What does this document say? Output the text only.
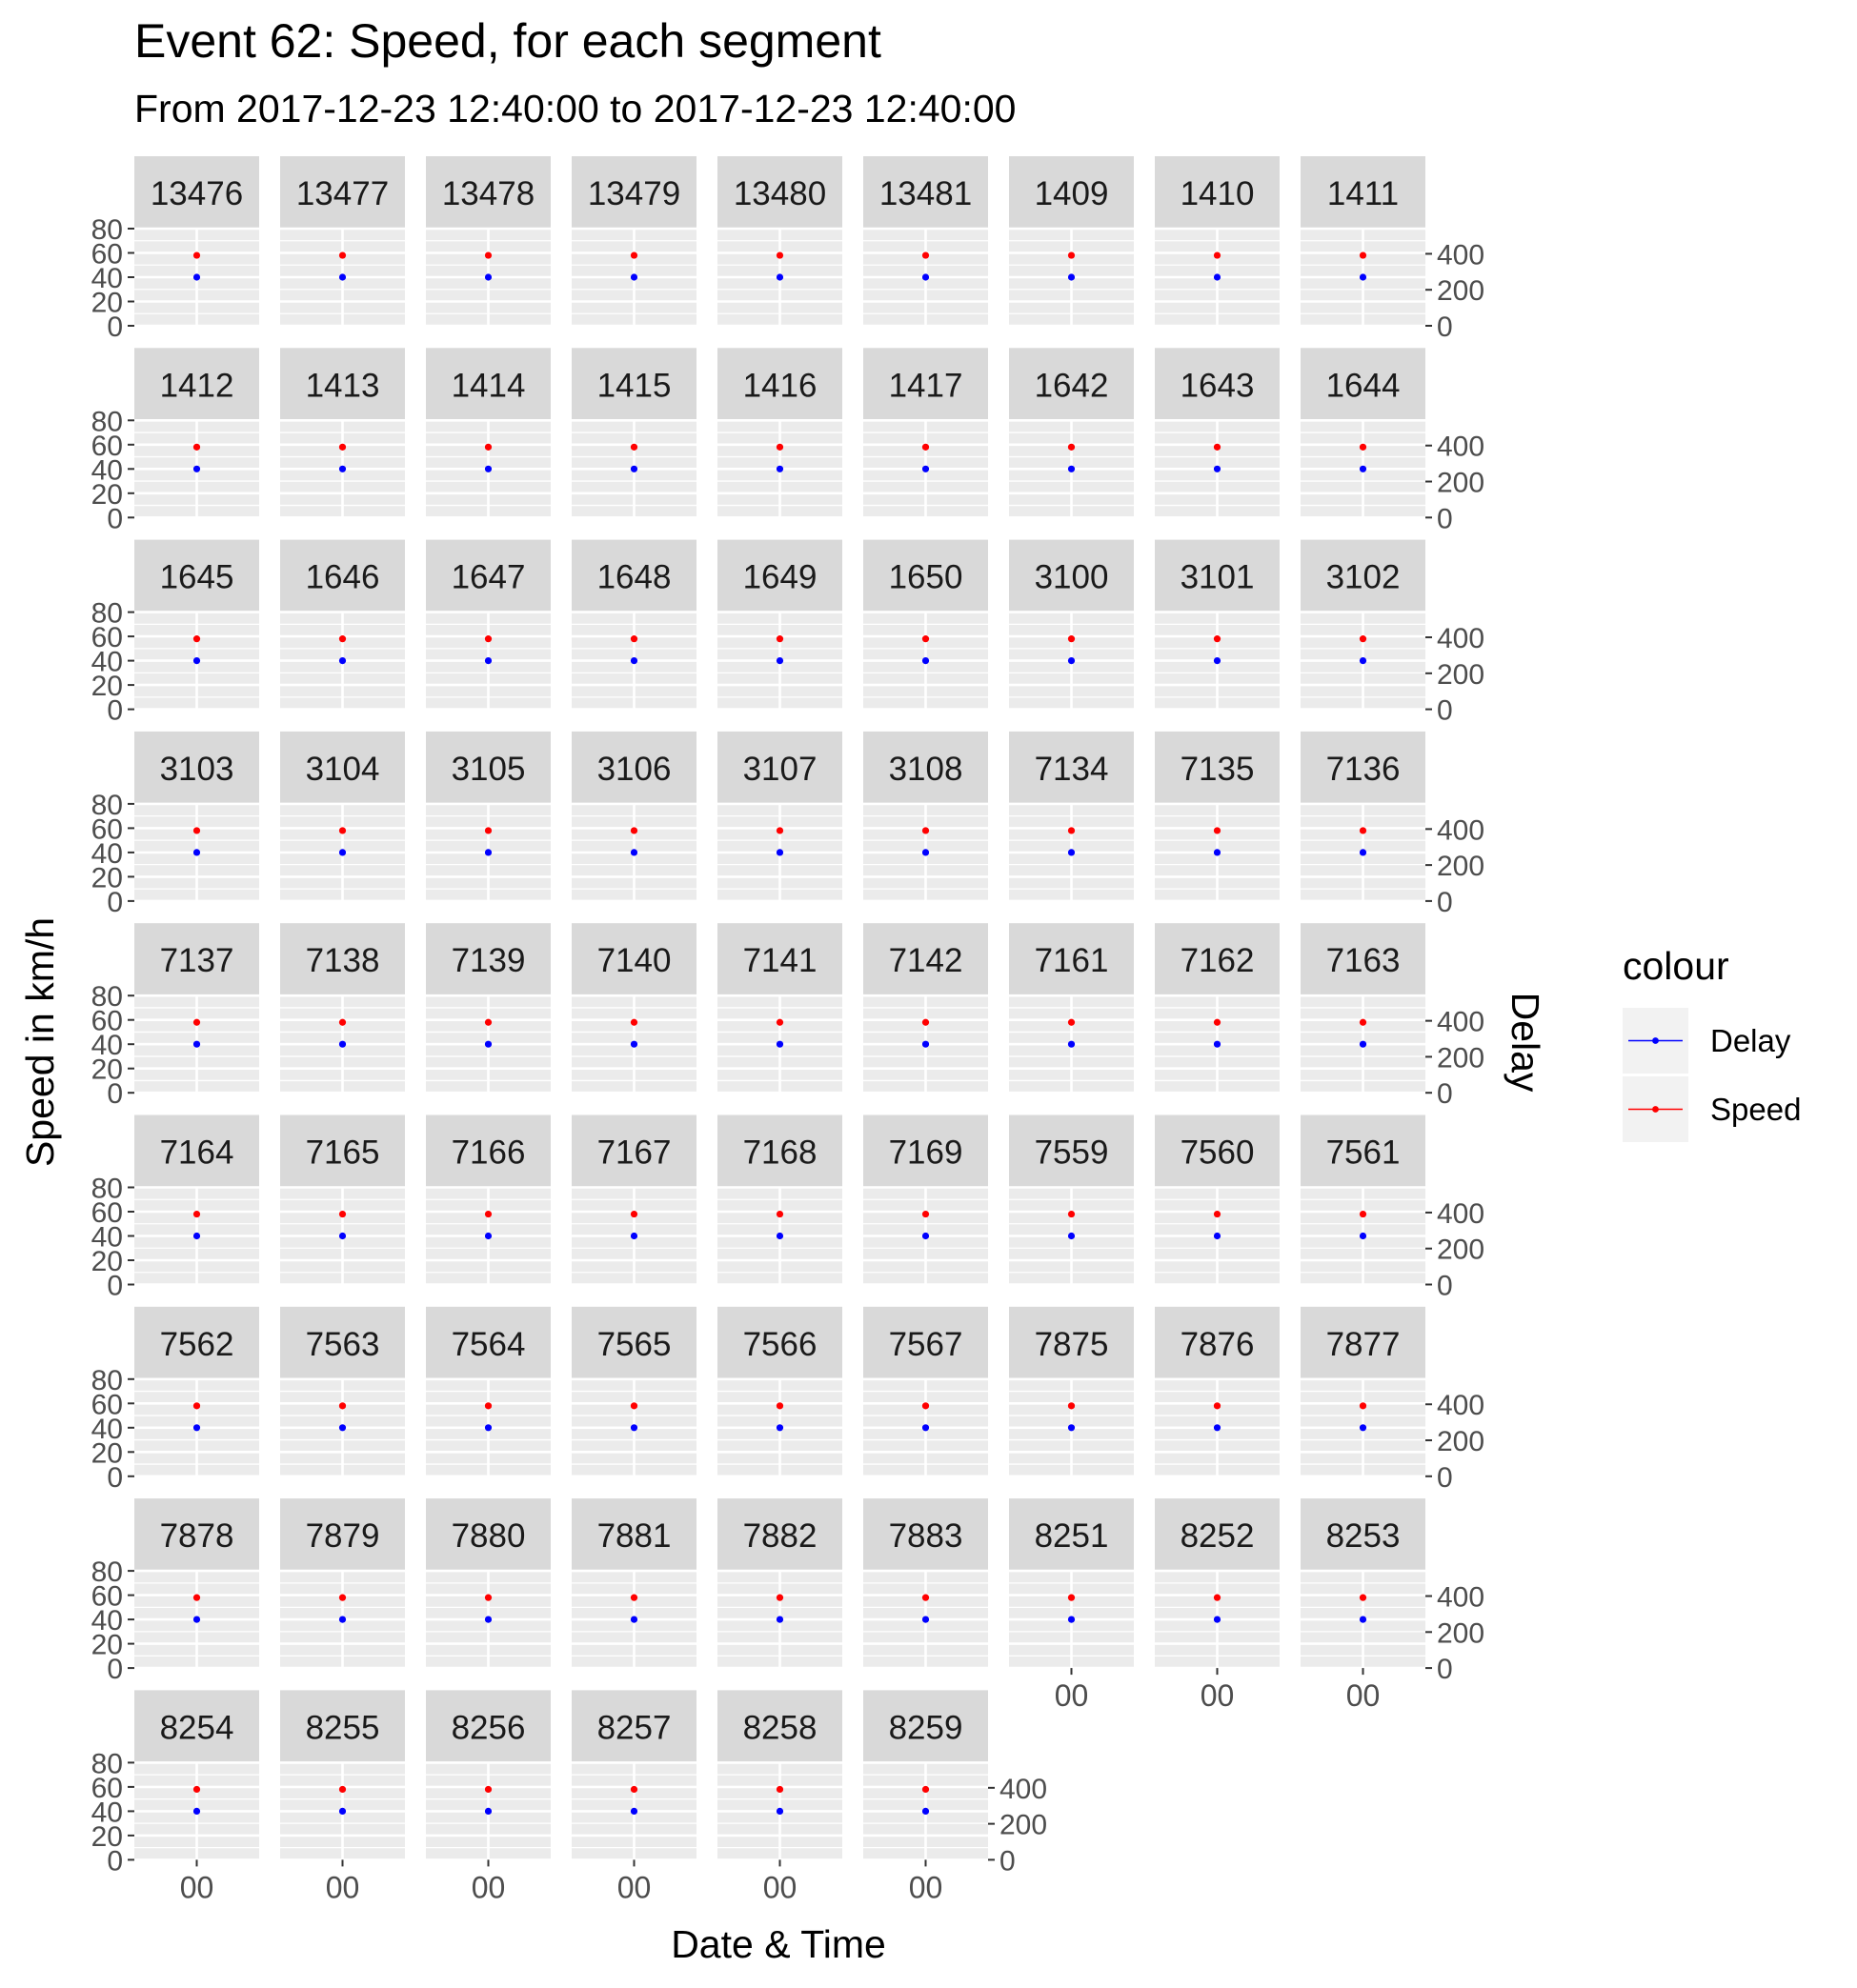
Event 62: Speed, for each segment
From 2017-12-23 12:40:00 to 2017-12-23 12:40:00
13476
0
20
40
60
80
13477 13478 13479 13480 13481 1409 1410 1411
0
200
400
1412
0
20
40
60
80
1413 1414 1415 1416 1417 1642 1643 1644
0
200
400
1645
0
20
40
60
80
1646 1647 1648 1649 1650 3100 3101 3102
0
200
400
3103
0
20
40
60
80
3104 3105 3106 3107 3108 7134 7135 7136
0
200
400
7137
0
20
40
60
80
7138 7139 7140 7141 7142 7161 7162 7163
0
200
400
7164
0
20
40
60
80
7165 7166 7167 7168 7169 7559 7560 7561
0
200
400
7562
0
20
40
60
80
7563 7564 7565 7566 7567 7875 7876 7877
0
200
400
7878
0
20
40
60
80
7879 7880 7881 7882 7883 8251
00
8252
00
8253
0
200
400
00
8254
0
20
40
60
80
00
8255
00
8256
00
8257
00
8258
00
8259
0
200
400
00
Date & Time
Speed in km/h	Delay
colour
Delay
Speed
